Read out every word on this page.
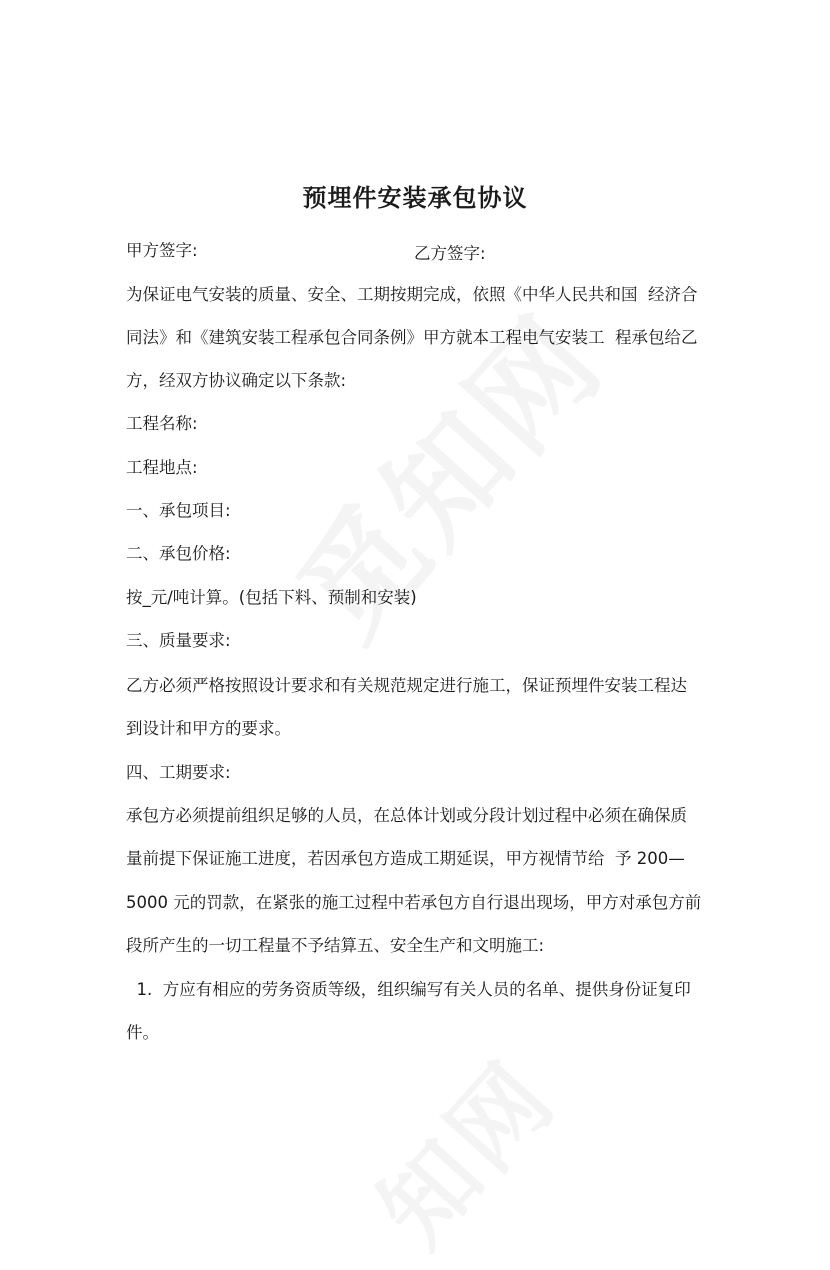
预埋件安装承包协议
甲方签字:	乙方签字:
为保证电气安装的质量、安全、工期按期完成，依照《中华人民共和国  经济合
同法》和《建筑安装工程承包合同条例》甲方就本工程电气安装工  程承包给乙
方，经双方协议确定以下条款:
工程名称:
工程地点:
一、承包项目:
二、承包价格:
按_元/吨计算。(包括下料、预制和安装)
三、质量要求:
乙方必须严格按照设计要求和有关规范规定进行施工，保证预埋件安装工程达
到设计和甲方的要求。
四、工期要求:
承包方必须提前组织足够的人员，在总体计划或分段计划过程中必须在确保质
量前提下保证施工进度，若因承包方造成工期延误，甲方视情节给  予 200—
5000 元的罚款，在紧张的施工过程中若承包方自行退出现场，甲方对承包方前
段所产生的一切工程量不予结算五、安全生产和文明施工:
1.  方应有相应的劳务资质等级，组织编写有关人员的名单、提供身份证复印
件。
